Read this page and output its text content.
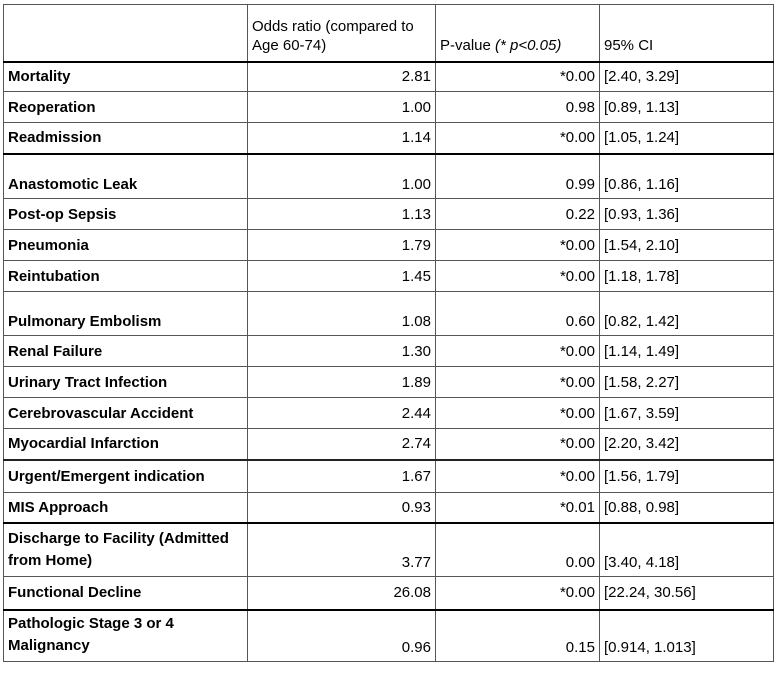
	Odds ratio (compared to Age 60-74)	P-value (* p<0.05)	95% CI
Mortality	2.81	*0.00	[2.40, 3.29]
Reoperation	1.00	0.98	[0.89, 1.13]
Readmission	1.14	*0.00	[1.05, 1.24]
Anastomotic Leak	1.00	0.99	[0.86, 1.16]
Post-op Sepsis	1.13	0.22	[0.93, 1.36]
Pneumonia	1.79	*0.00	[1.54, 2.10]
Reintubation	1.45	*0.00	[1.18, 1.78]
Pulmonary Embolism	1.08	0.60	[0.82, 1.42]
Renal Failure	1.30	*0.00	[1.14, 1.49]
Urinary Tract Infection	1.89	*0.00	[1.58, 2.27]
Cerebrovascular Accident	2.44	*0.00	[1.67, 3.59]
Myocardial Infarction	2.74	*0.00	[2.20, 3.42]
Urgent/Emergent indication	1.67	*0.00	[1.56, 1.79]
MIS Approach	0.93	*0.01	[0.88, 0.98]
Discharge to Facility (Admitted from Home)	3.77	0.00	[3.40, 4.18]
Functional Decline	26.08	*0.00	[22.24, 30.56]
Pathologic Stage 3 or 4 Malignancy	0.96	0.15	[0.914, 1.013]
